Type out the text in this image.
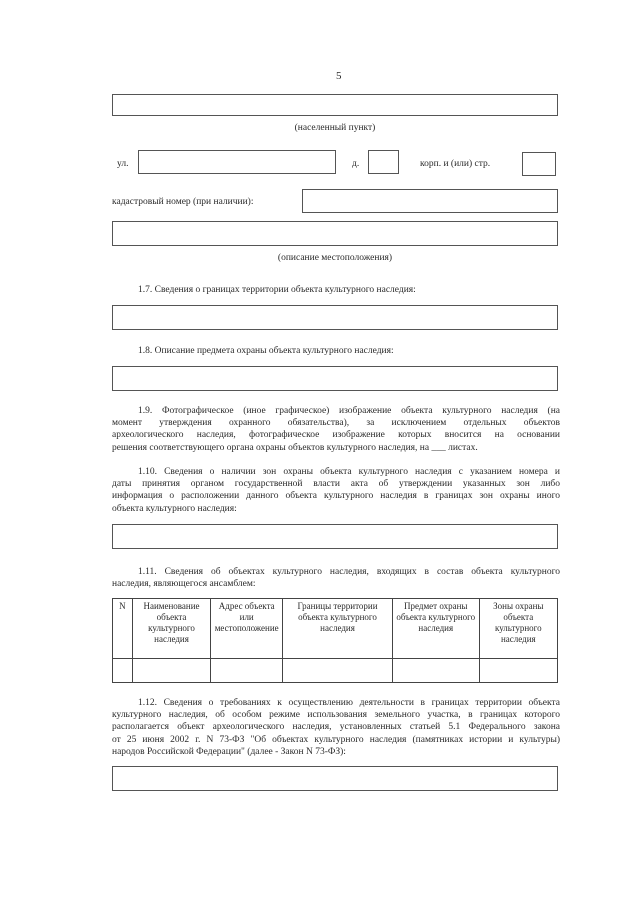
5
(населенный пункт)
ул.	д.	корп. и (или) стр.
кадастровый номер (при наличии):
(описание местоположения)
1.7. Сведения о границах территории объекта культурного наследия:
1.8. Описание предмета охраны объекта культурного наследия:
1.9. Фотографическое (иное графическое) изображение объекта культурного наследия (на
момент утверждения охранного обязательства), за исключением отдельных объектов
археологического наследия, фотографическое изображение которых вносится на основании
решения соответствующего органа охраны объектов культурного наследия, на ___ листах.
1.10. Сведения о наличии зон охраны объекта культурного наследия с указанием номера и
даты принятия органом государственной власти акта об утверждении указанных зон либо
информация о расположении данного объекта культурного наследия в границах зон охраны иного
объекта культурного наследия:
1.11. Сведения об объектах культурного наследия, входящих в состав объекта культурного
наследия, являющегося ансамблем:
N	Наименование объекта культурного наследия	Адрес объекта или местоположение	Границы территории объекта культурного наследия	Предмет охраны объекта культурного наследия	Зоны охраны объекта культурного наследия

1.12. Сведения о требованиях к осуществлению деятельности в границах территории объекта
культурного наследия, об особом режиме использования земельного участка, в границах которого
располагается объект археологического наследия, установленных статьей 5.1 Федерального закона
от 25 июня 2002 г. N 73-ФЗ "Об объектах культурного наследия (памятниках истории и культуры)
народов Российской Федерации" (далее - Закон N 73-ФЗ):
